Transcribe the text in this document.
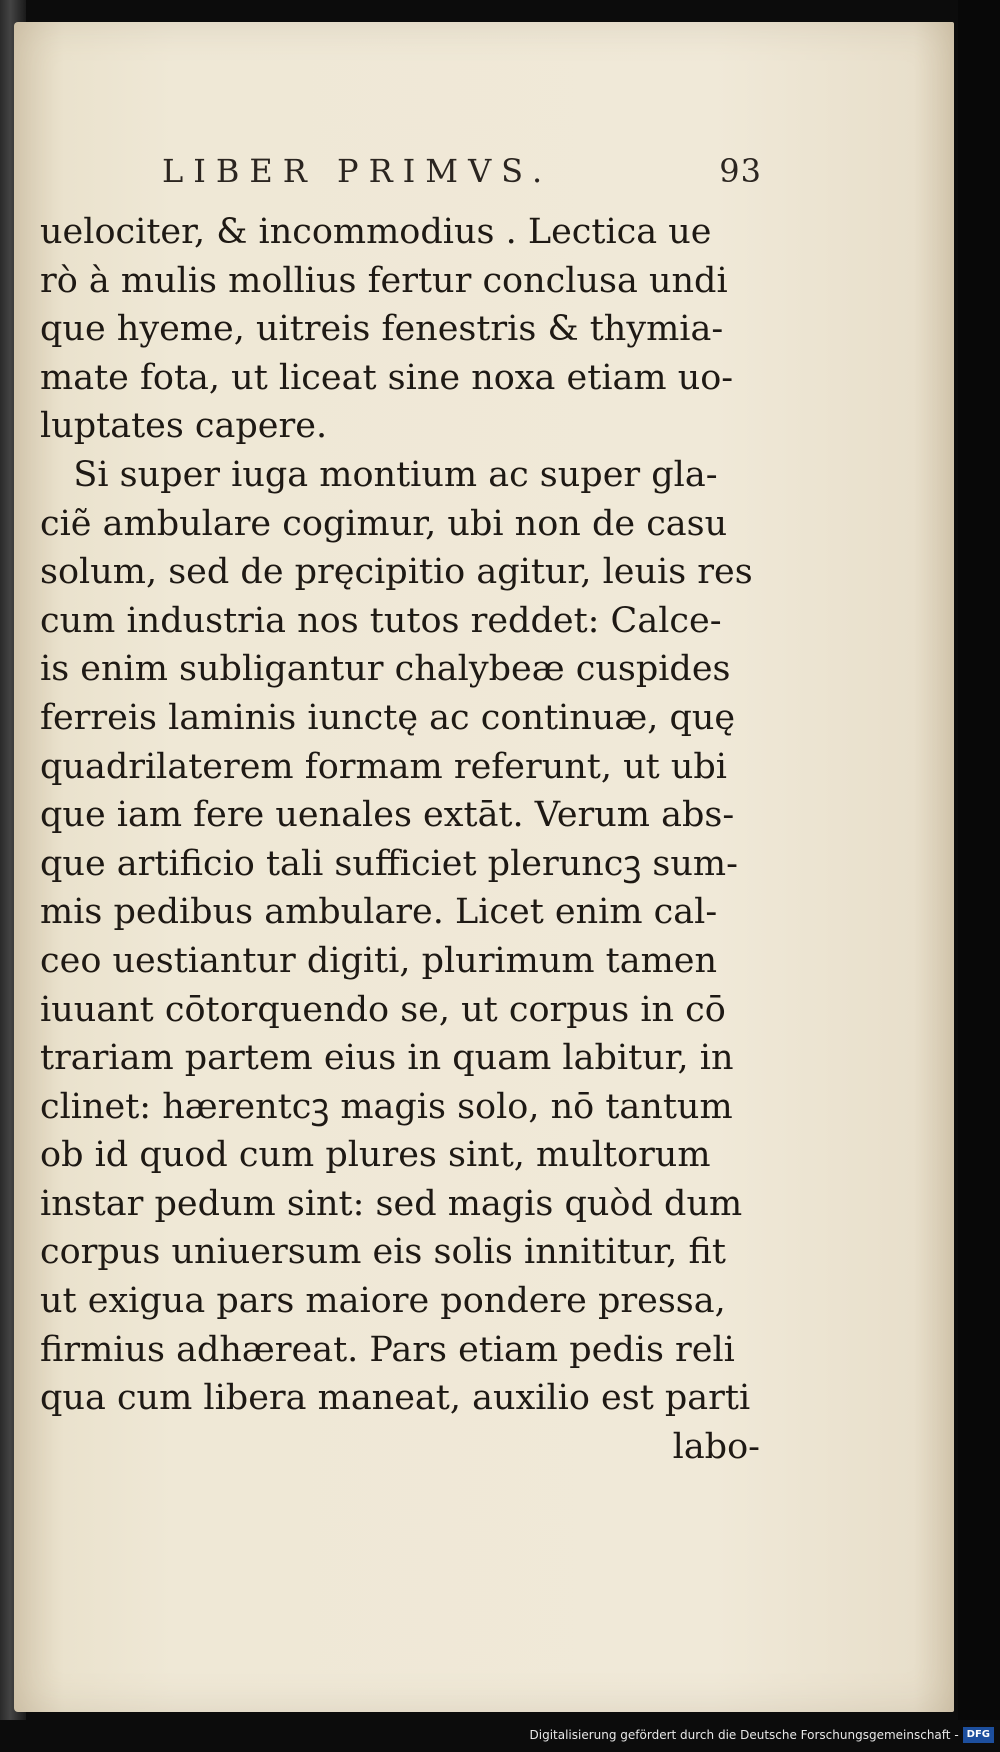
LIBER PRIMVS.	93
uelociter, & incommodius . Lectica ue
rò à mulis mollius fertur conclusa undi
que hyeme, uitreis fenestris & thymia-
mate fota, ut liceat sine noxa etiam uo-
luptates capere.
Si super iuga montium ac super gla-
ciẽ ambulare cogimur, ubi non de casu
solum, sed de pręcipitio agitur, leuis res
cum industria nos tutos reddet: Calce-
is enim subligantur chalybeæ cuspides
ferreis laminis iunctę ac continuæ, quę
quadrilaterem formam referunt, ut ubi
que iam fere uenales extāt. Verum abs-
que artificio tali sufficiet pleruncꝫ sum-
mis pedibus ambulare. Licet enim cal-
ceo uestiantur digiti, plurimum tamen
iuuant cōtorquendo se, ut corpus in cō
trariam partem eius in quam labitur, in
clinet: hærentcꝫ magis solo, nō tantum
ob id quod cum plures sint, multorum
instar pedum sint: sed magis quòd dum
corpus uniuersum eis solis innititur, fit
ut exigua pars maiore pondere pressa,
firmius adhæreat. Pars etiam pedis reli
qua cum libera maneat, auxilio est parti
labo-
Digitalisierung gefördert durch die Deutsche Forschungsgemeinschaft - DFG
